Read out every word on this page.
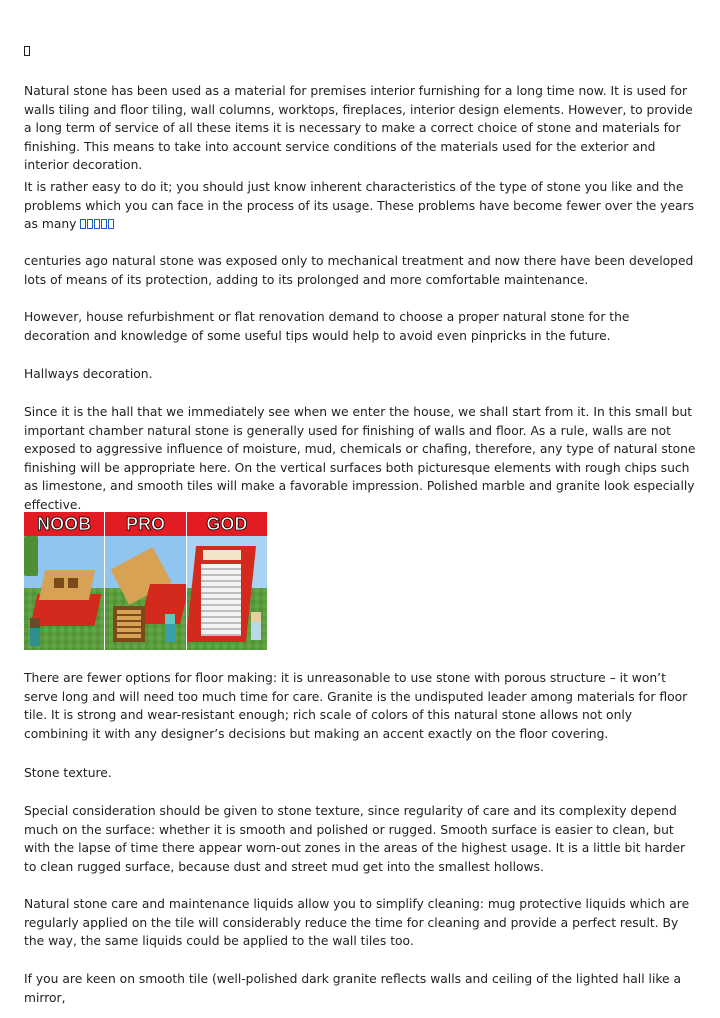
Natural stone has been used as a material for premises interior furnishing for a long time now. It is used for walls tiling and floor tiling, wall columns, worktops, fireplaces, interior design elements. However, to provide a long term of service of all these items it is necessary to make a correct choice of stone and materials for finishing. This means to take into account service conditions of the materials used for the exterior and interior decoration.

It is rather easy to do it; you should just know inherent characteristics of the type of stone you like and the problems which you can face in the process of its usage. These problems have become fewer over the years as many

centuries ago natural stone was exposed only to mechanical treatment and now there have been developed lots of means of its protection, adding to its prolonged and more comfortable maintenance.

However, house refurbishment or flat renovation demand to choose a proper natural stone for the decoration and knowledge of some useful tips would help to avoid even pinpricks in the future.

Hallways decoration.

Since it is the hall that we immediately see when we enter the house, we shall start from it. In this small but important chamber natural stone is generally used for finishing of walls and floor. As a rule, walls are not exposed to aggressive influence of moisture, mud, chemicals or chafing, therefore, any type of natural stone finishing will be appropriate here. On the vertical surfaces both picturesque elements with rough chips such as limestone, and smooth tiles will make a favorable impression. Polished marble and granite look especially effective.

NOOB	PRO	GOD

There are fewer options for floor making: it is unreasonable to use stone with porous structure – it won’t serve long and will need too much time for care. Granite is the undisputed leader among materials for floor tile. It is strong and wear-resistant enough; rich scale of colors of this natural stone allows not only combining it with any designer’s decisions but making an accent exactly on the floor covering.

Stone texture.

Special consideration should be given to stone texture, since regularity of care and its complexity depend much on the surface: whether it is smooth and polished or rugged. Smooth surface is easier to clean, but with the lapse of time there appear worn-out zones in the areas of the highest usage. It is a little bit harder to clean rugged surface, because dust and street mud get into the smallest hollows.

Natural stone care and maintenance liquids allow you to simplify cleaning: mug protective liquids which are regularly applied on the tile will considerably reduce the time for cleaning and provide a perfect result. By the way, the same liquids could be applied to the wall tiles too.

If you are keen on smooth tile (well-polished dark granite reflects walls and ceiling of the lighted hall like a mirror,
